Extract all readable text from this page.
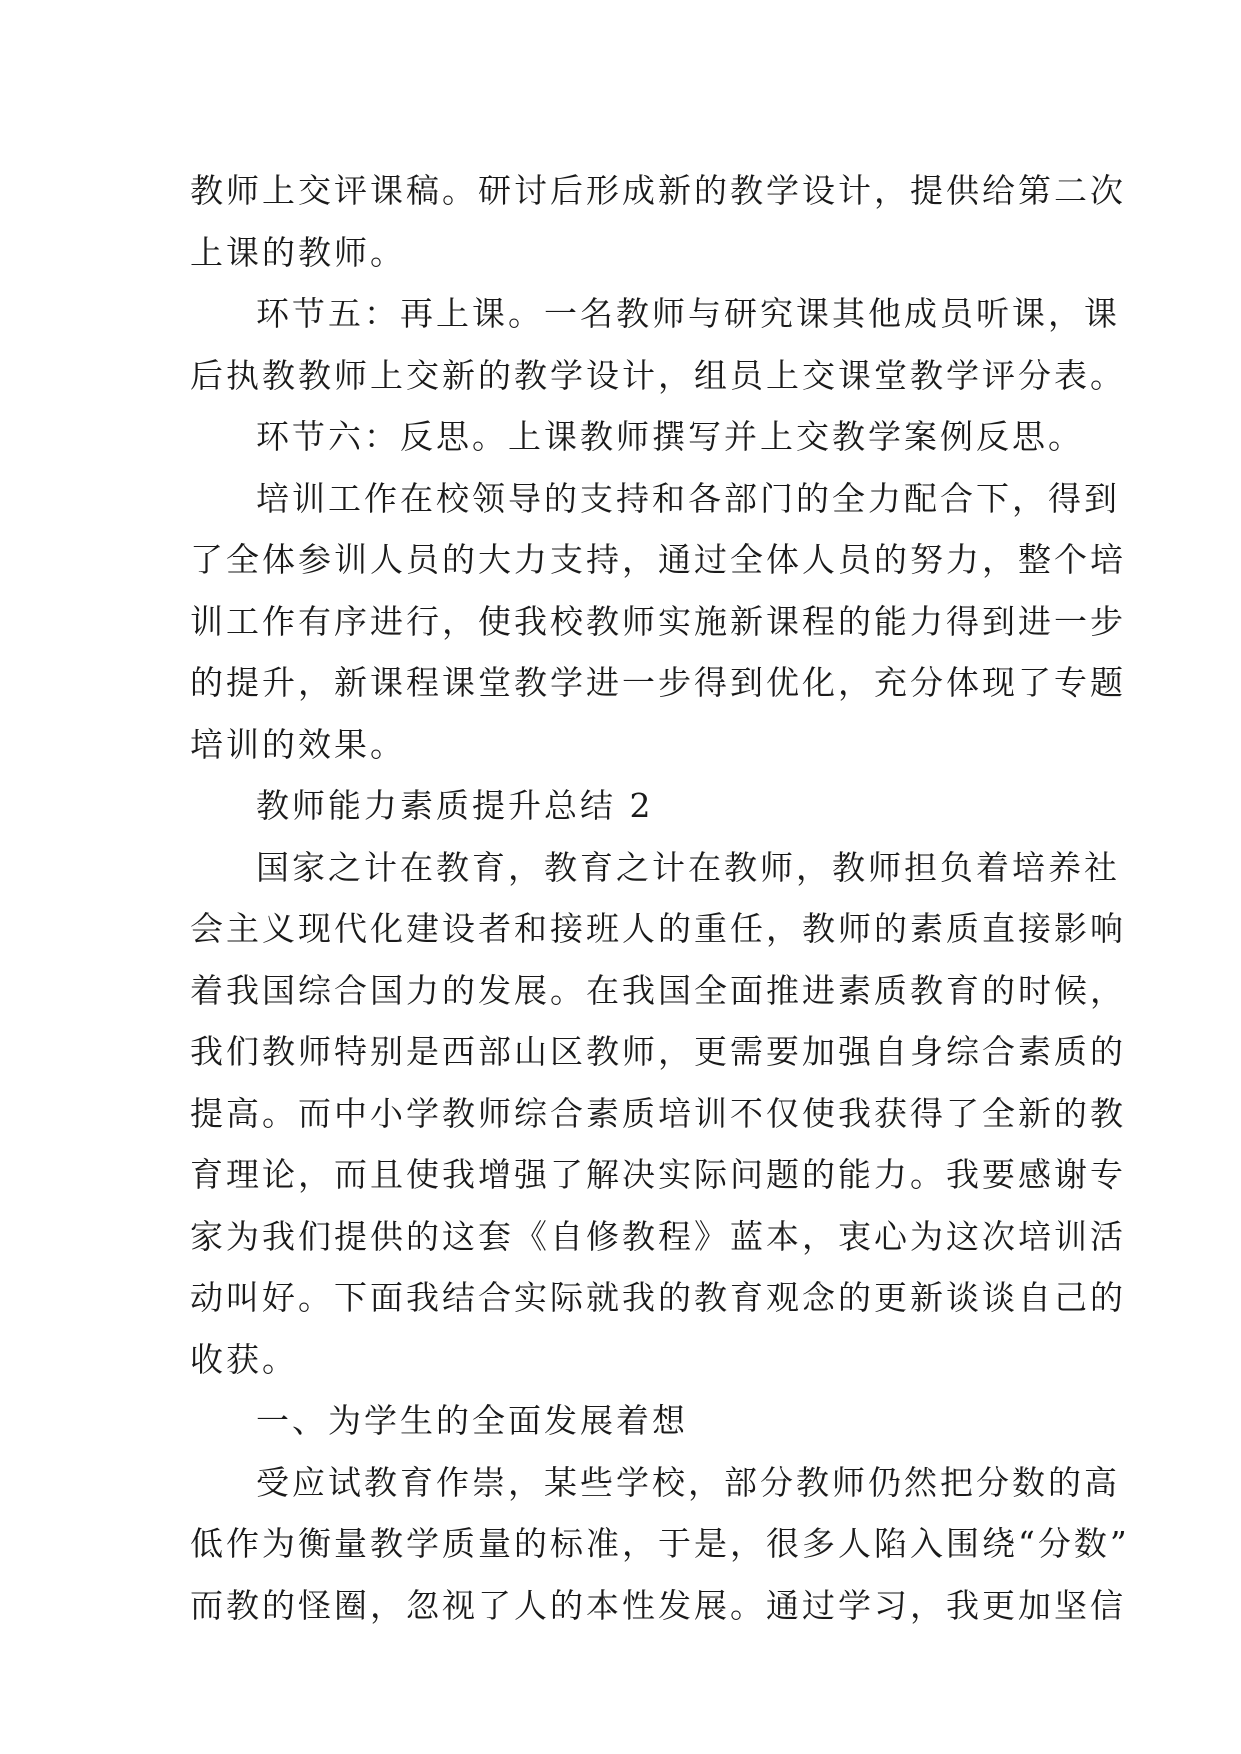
教师上交评课稿。研讨后形成新的教学设计，提供给第二次
上课的教师。
环节五：再上课。一名教师与研究课其他成员听课，课
后执教教师上交新的教学设计，组员上交课堂教学评分表。
环节六：反思。上课教师撰写并上交教学案例反思。
培训工作在校领导的支持和各部门的全力配合下，得到
了全体参训人员的大力支持，通过全体人员的努力，整个培
训工作有序进行，使我校教师实施新课程的能力得到进一步
的提升，新课程课堂教学进一步得到优化，充分体现了专题
培训的效果。
教师能力素质提升总结 2
国家之计在教育，教育之计在教师，教师担负着培养社
会主义现代化建设者和接班人的重任，教师的素质直接影响
着我国综合国力的发展。在我国全面推进素质教育的时候，
我们教师特别是西部山区教师，更需要加强自身综合素质的
提高。而中小学教师综合素质培训不仅使我获得了全新的教
育理论，而且使我增强了解决实际问题的能力。我要感谢专
家为我们提供的这套《自修教程》蓝本，衷心为这次培训活
动叫好。下面我结合实际就我的教育观念的更新谈谈自己的
收获。
一、为学生的全面发展着想
受应试教育作崇，某些学校，部分教师仍然把分数的高
低作为衡量教学质量的标准，于是，很多人陷入围绕“分数”
而教的怪圈，忽视了人的本性发展。通过学习，我更加坚信
